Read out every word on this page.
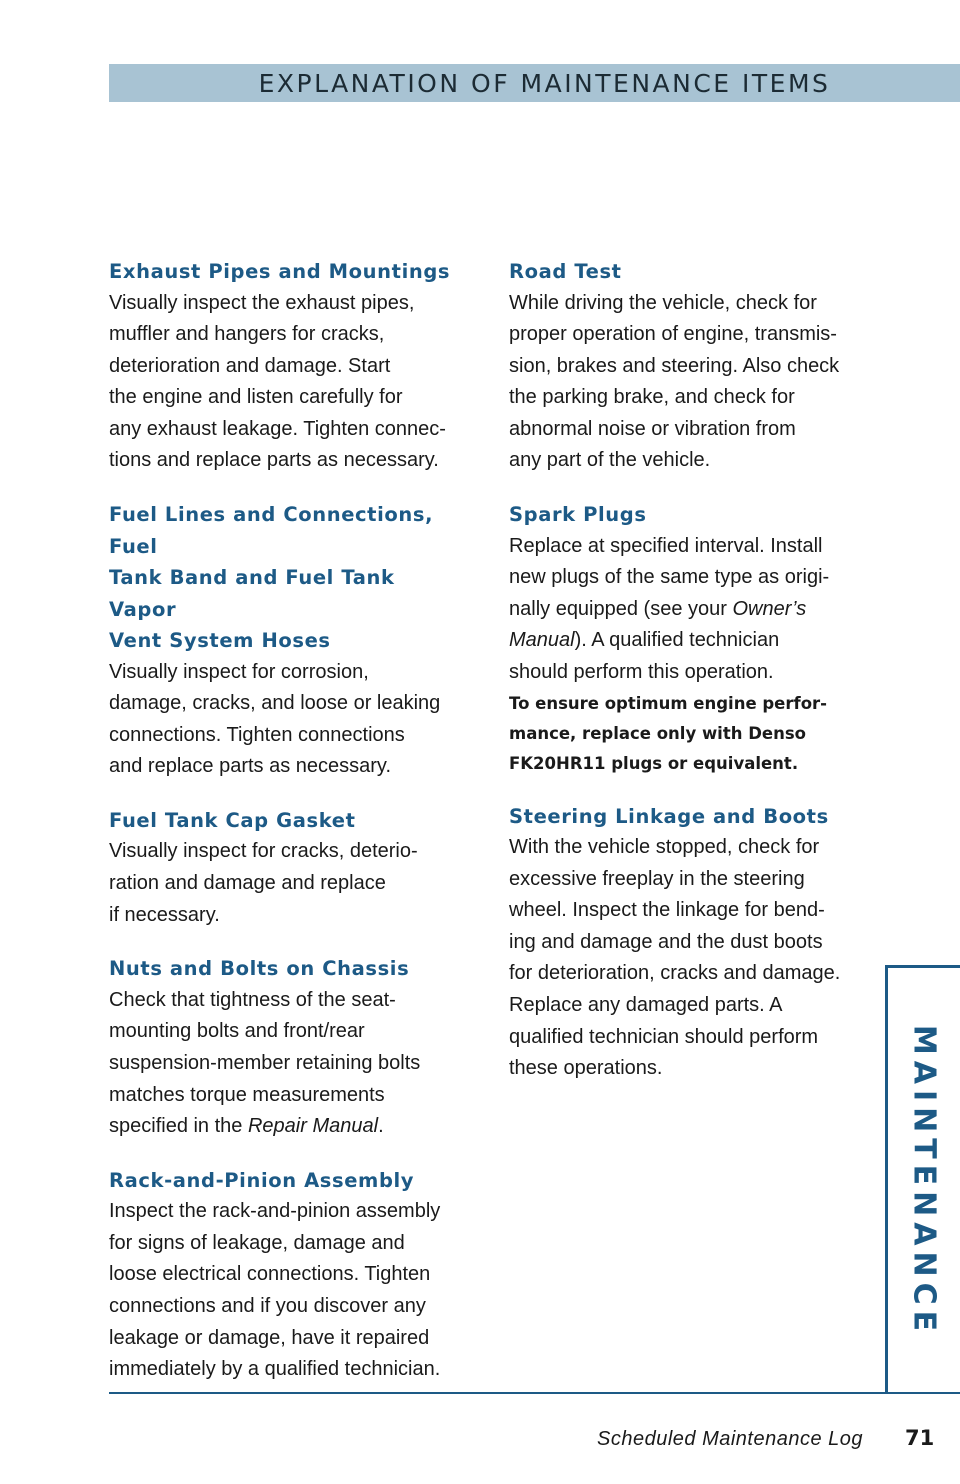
EXPLANATION OF MAINTENANCE ITEMS
Exhaust Pipes and Mountings
Visually inspect the exhaust pipes,
muffler and hangers for cracks,
deterioration and damage. Start
the engine and listen carefully for
any exhaust leakage. Tighten connec-
tions and replace parts as necessary.
Fuel Lines and Connections, Fuel
Tank Band and Fuel Tank Vapor
Vent System Hoses
Visually inspect for corrosion,
damage, cracks, and loose or leaking
connections. Tighten connections
and replace parts as necessary.
Fuel Tank Cap Gasket
Visually inspect for cracks, deterio-
ration and damage and replace
if necessary.
Nuts and Bolts on Chassis
Check that tightness of the seat-
mounting bolts and front/rear
suspension-member retaining bolts
matches torque measurements
specified in the Repair Manual.
Rack-and-Pinion Assembly
Inspect the rack-and-pinion assembly
for signs of leakage, damage and
loose electrical connections. Tighten
connections and if you discover any
leakage or damage, have it repaired
immediately by a qualified technician.
Road Test
While driving the vehicle, check for
proper operation of engine, transmis-
sion, brakes and steering. Also check
the parking brake, and check for
abnormal noise or vibration from
any part of the vehicle.
Spark Plugs
Replace at specified interval. Install
new plugs of the same type as origi-
nally equipped (see your Owner’s
Manual). A qualified technician
should perform this operation.
To ensure optimum engine perfor-
mance, replace only with Denso
FK20HR11 plugs or equivalent.
Steering Linkage and Boots
With the vehicle stopped, check for
excessive freeplay in the steering
wheel. Inspect the linkage for bend-
ing and damage and the dust boots
for deterioration, cracks and damage.
Replace any damaged parts. A
qualified technician should perform
these operations.	MAINTENANCE
Scheduled Maintenance Log 71
